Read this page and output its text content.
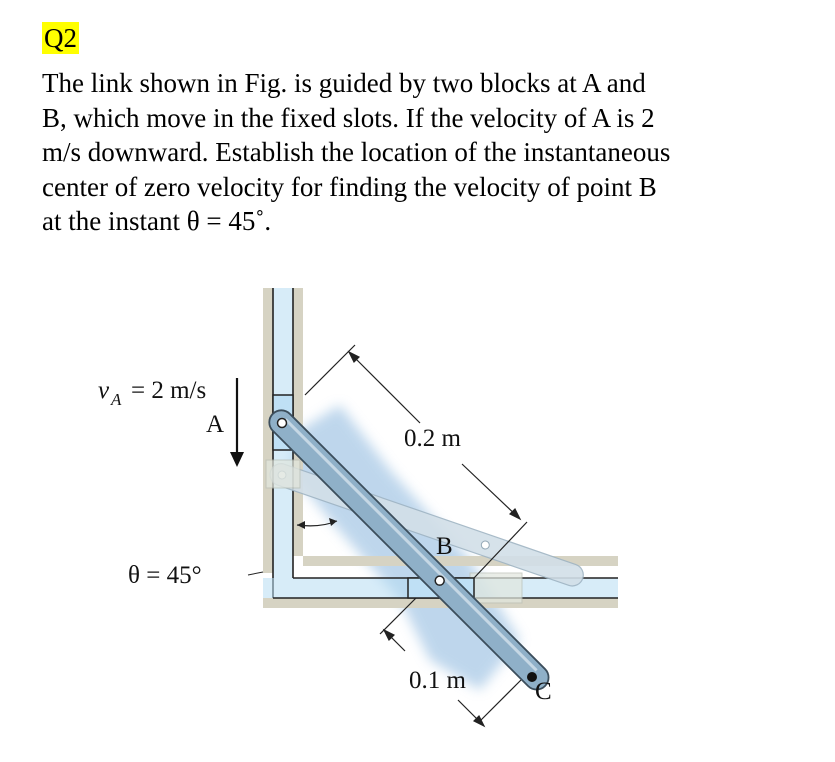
Q2
The link shown in Fig. is guided by two blocks at A and
B, which move in the fixed slots. If the velocity of A is 2
m/s downward. Establish the location of the instantaneous
center of zero velocity for finding the velocity of point B
at the instant θ = 45˚.
v A = 2 m/s
A
0.2 m
B
θ = 45°
0.1 m	C
